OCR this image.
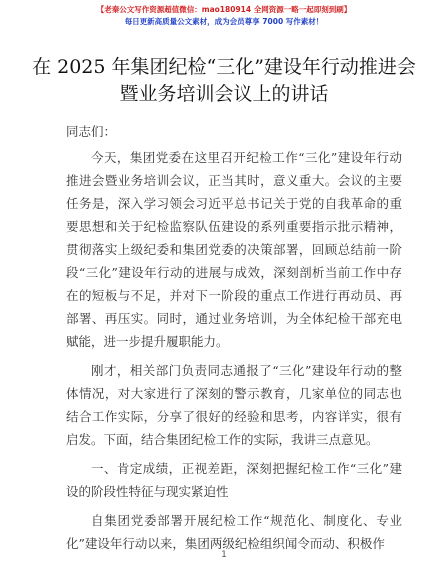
【老秦公文写作资源超值微信：mao180914 全网资源一略一起即刻到刷】
每日更新高质量公文素材，成为会员尊享 7000 写作素材！
在 2025 年集团纪检“三化”建设年行动推进会
暨业务培训会议上的讲话

同志们：

今天，集团党委在这里召开纪检工作“三化”建设年行动推进会暨业务培训会议，正当其时，意义重大。会议的主要任务是，深入学习领会习近平总书记关于党的自我革命的重要思想和关于纪检监察队伍建设的系列重要指示批示精神，贯彻落实上级纪委和集团党委的决策部署，回顾总结前一阶段“三化”建设年行动的进展与成效，深刻剖析当前工作中存在的短板与不足，并对下一阶段的重点工作进行再动员、再部署、再压实。同时，通过业务培训，为全体纪检干部充电赋能，进一步提升履职能力。

刚才，相关部门负责同志通报了“三化”建设年行动的整体情况，对大家进行了深刻的警示教育，几家单位的同志也结合工作实际，分享了很好的经验和思考，内容详实，很有启发。下面，结合集团纪检工作的实际，我讲三点意见。

一、肯定成绩，正视差距，深刻把握纪检工作“三化”建设的阶段性特征与现实紧迫性

自集团党委部署开展纪检工作“规范化、制度化、专业化”建设年行动以来，集团两级纪检组织闻令而动、积极作

1
